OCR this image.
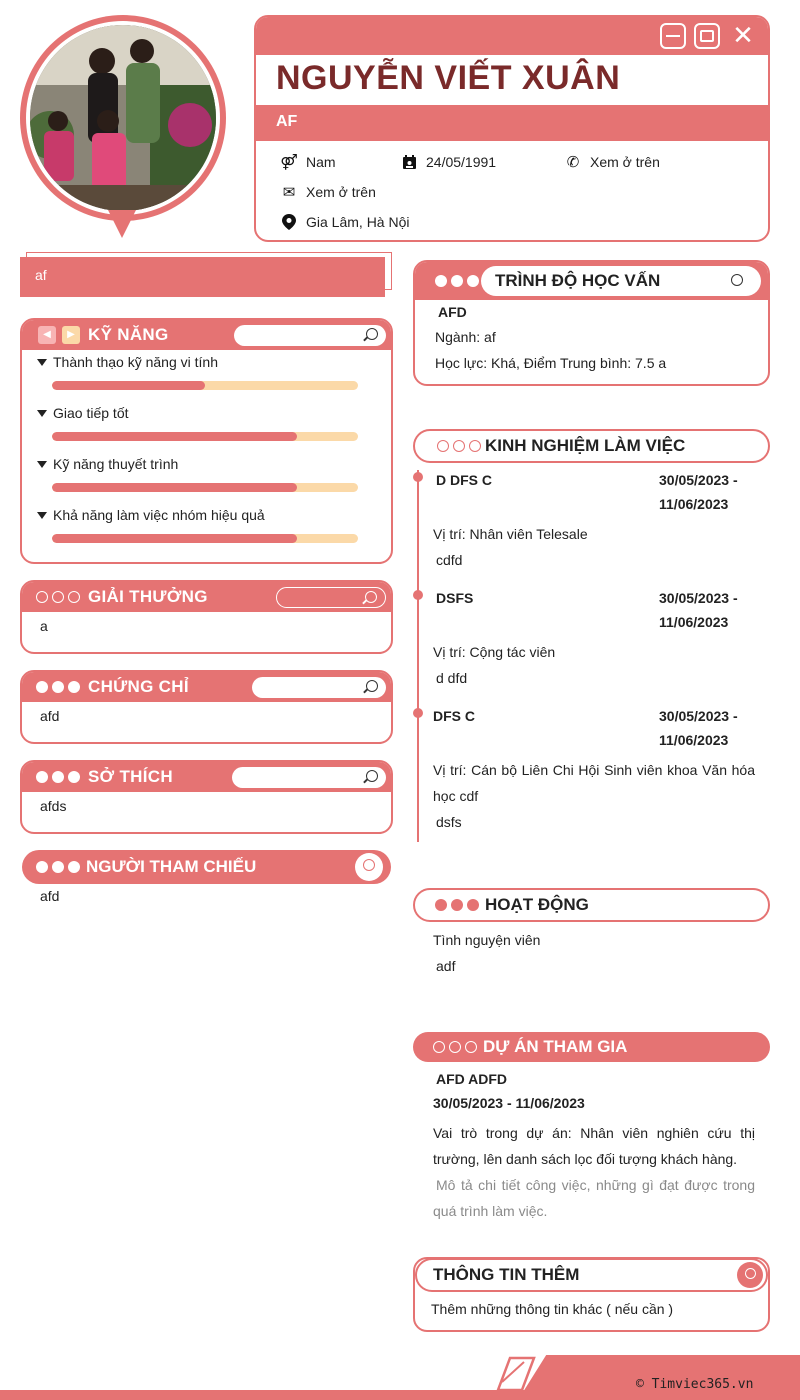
✕
NGUYỄN VIẾT XUÂN
AF
⚤ Nam	24/05/1991	✆ Xem ở trên
✉ Xem ở trên
Gia Lâm, Hà Nội
af
◀	▶ KỸ NĂNG
Thành thạo kỹ năng vi tính
Giao tiếp tốt
Kỹ năng thuyết trình
Khả năng làm việc nhóm hiệu quả
GIẢI THƯỞNG
a
CHỨNG CHỈ
afd
SỞ THÍCH
afds
NGƯỜI THAM CHIẾU
afd
TRÌNH ĐỘ HỌC VẤN
AFD
Ngành: af
Học lực: Khá, Điểm Trung bình: 7.5 a
KINH NGHIỆM LÀM VIỆC
D DFS C	30/05/2023 -
11/06/2023
Vị trí: Nhân viên Telesale
cdfd
DSFS	30/05/2023 -
11/06/2023
Vị trí: Cộng tác viên
d dfd
DFS C	30/05/2023 -
11/06/2023
Vị trí: Cán bộ Liên Chi Hội Sinh viên khoa Văn hóa học cdf
dsfs
HOẠT ĐỘNG
Tình nguyện viên
adf
DỰ ÁN THAM GIA
AFD ADFD
30/05/2023 - 11/06/2023
Vai trò trong dự án: Nhân viên nghiên cứu thị trường, lên danh sách lọc đối tượng khách hàng.
Mô tả chi tiết công việc, những gì đạt được trong quá trình làm việc.
THÔNG TIN THÊM
Thêm những thông tin khác ( nếu cần )
© Timviec365.vn
